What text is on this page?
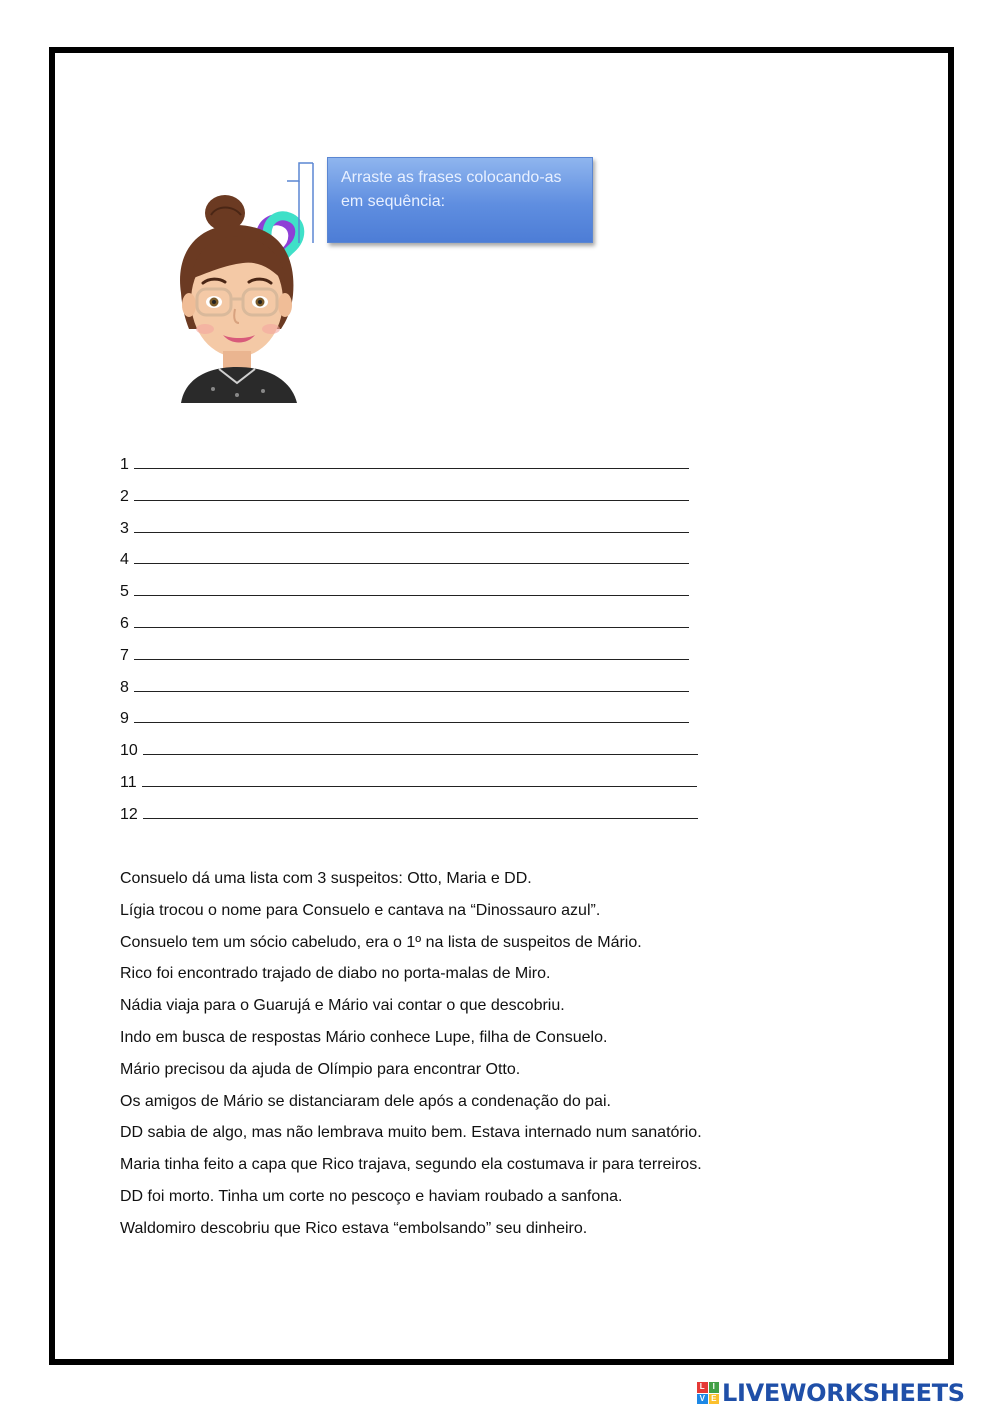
Arraste as frases colocando-as em sequência:
1
2
3
4
5
6
7
8
9
10
11
12
Consuelo dá uma lista com 3 suspeitos: Otto, Maria e DD.
Lígia trocou o nome para Consuelo e cantava na “Dinossauro azul”.
Consuelo tem um sócio cabeludo, era o 1º na lista de suspeitos de Mário.
Rico foi encontrado trajado de diabo no porta-malas de Miro.
Nádia viaja para o Guarujá e Mário vai contar o que descobriu.
Indo em busca de respostas Mário conhece Lupe, filha de Consuelo.
Mário precisou da ajuda de Olímpio para encontrar Otto.
Os amigos de Mário se distanciaram dele após a condenação do pai.
DD sabia de algo, mas não lembrava muito bem. Estava internado num sanatório.
Maria tinha feito a capa que Rico trajava, segundo ela costumava ir para terreiros.
DD foi morto. Tinha um corte no pescoço e haviam roubado a sanfona.
Waldomiro descobriu que Rico estava “embolsando” seu dinheiro.
L I
V E LIVEWORKSHEETS
